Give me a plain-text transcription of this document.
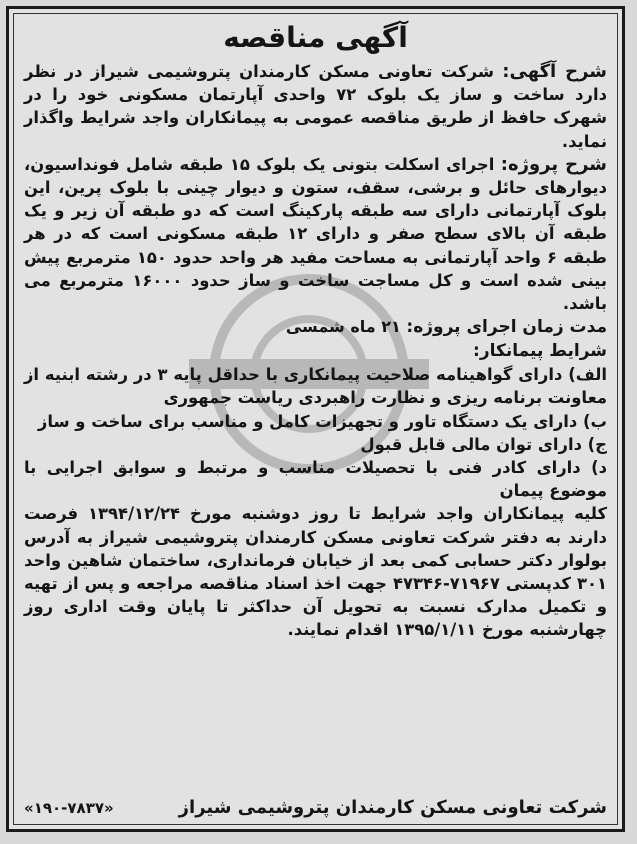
آگهی مناقصه

شرح آگهی: شرکت تعاونی مسکن کارمندان پتروشیمی شیراز در نظر دارد ساخت و ساز یک بلوک ۷۲ واحدی آپارتمان مسکونی خود را در شهرک حافظ از طریق مناقصه عمومی به پیمانکاران واجد شرایط واگذار نماید.

شرح پروژه: اجرای اسکلت بتونی یک بلوک ۱۵ طبقه شامل فونداسیون، دیوارهای حائل و برشی، سقف، ستون و دیوار چینی با بلوک پرین، این بلوک آپارتمانی دارای سه طبقه پارکینگ است که دو طبقه آن زیر و یک طبقه آن بالای سطح صفر و دارای ۱۲ طبقه مسکونی است که در هر طبقه ۶ واحد آپارتمانی به مساحت مفید هر واحد حدود ۱۵۰ مترمربع پیش بینی شده است و کل مساجت ساخت و ساز حدود ۱۶۰۰۰ مترمربع می باشد.

مدت زمان اجرای پروژه: ۲۱ ماه شمسی

شرایط پیمانکار:

الف) دارای گواهینامه صلاحیت پیمانکاری با حداقل پایه ۳ در رشته ابنیه از معاونت برنامه ریزی و نظارت راهبردی ریاست جمهوری

ب) دارای یک دستگاه تاور و تجهیزات کامل و مناسب برای ساخت و ساز

ج) دارای توان مالی قابل قبول

د) دارای کادر فنی با تحصیلات مناسب و مرتبط و سوابق اجرایی با موضوع پیمان

کلیه پیمانکاران واجد شرایط تا روز دوشنبه مورخ ۱۳۹۴/۱۲/۲۴ فرصت دارند به دفتر شرکت تعاونی مسکن کارمندان پتروشیمی شیراز به آدرس بولوار دکتر حسابی کمی بعد از خیابان فرمانداری، ساختمان شاهین واحد ۳۰۱ کدپستی ۷۱۹۶۷-۴۷۳۴۶ جهت اخذ اسناد مناقصه مراجعه و پس از تهیه و تکمیل مدارک نسبت به تحویل آن حداکثر تا پایان وقت اداری روز چهارشنبه مورخ ۱۳۹۵/۱/۱۱ اقدام نمایند.

شرکت تعاونی مسکن کارمندان پتروشیمی شیراز
«۱۹۰-۷۸۳۷»
